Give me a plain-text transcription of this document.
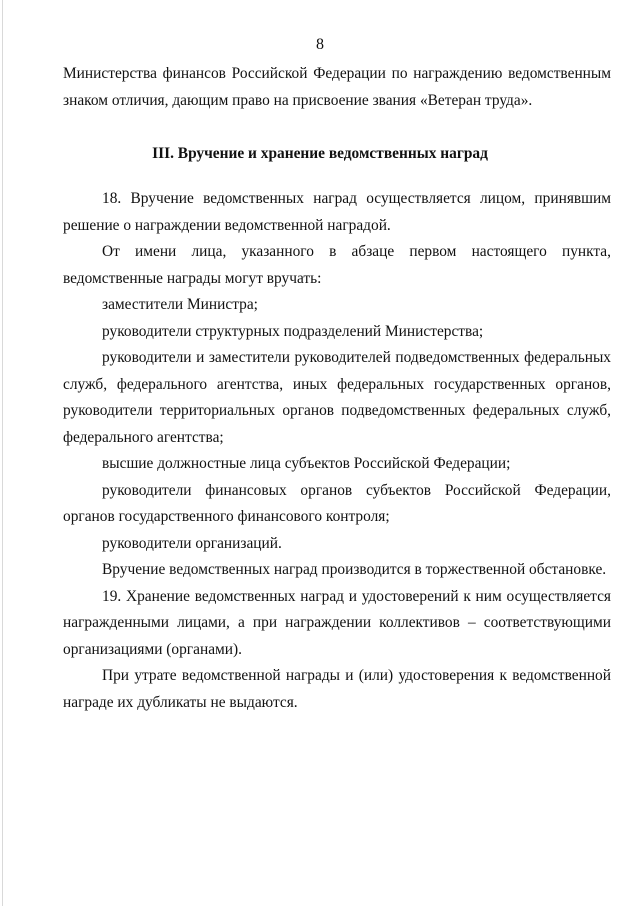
8

Министерства финансов Российской Федерации по награждению ведомственным знаком отличия, дающим право на присвоение звания «Ветеран труда».

III. Вручение и хранение ведомственных наград

18. Вручение ведомственных наград осуществляется лицом, принявшим решение о награждении ведомственной наградой.

От имени лица, указанного в абзаце первом настоящего пункта, ведомственные награды могут вручать:

заместители Министра;

руководители структурных подразделений Министерства;

руководители и заместители руководителей подведомственных федеральных служб, федерального агентства, иных федеральных государственных органов, руководители территориальных органов подведомственных федеральных служб, федерального агентства;

высшие должностные лица субъектов Российской Федерации;

руководители финансовых органов субъектов Российской Федерации, органов государственного финансового контроля;

руководители организаций.

Вручение ведомственных наград производится в торжественной обстановке.

19. Хранение ведомственных наград и удостоверений к ним осуществляется награжденными лицами, а при награждении коллективов – соответствующими организациями (органами).

При утрате ведомственной награды и (или) удостоверения к ведомственной награде их дубликаты не выдаются.
